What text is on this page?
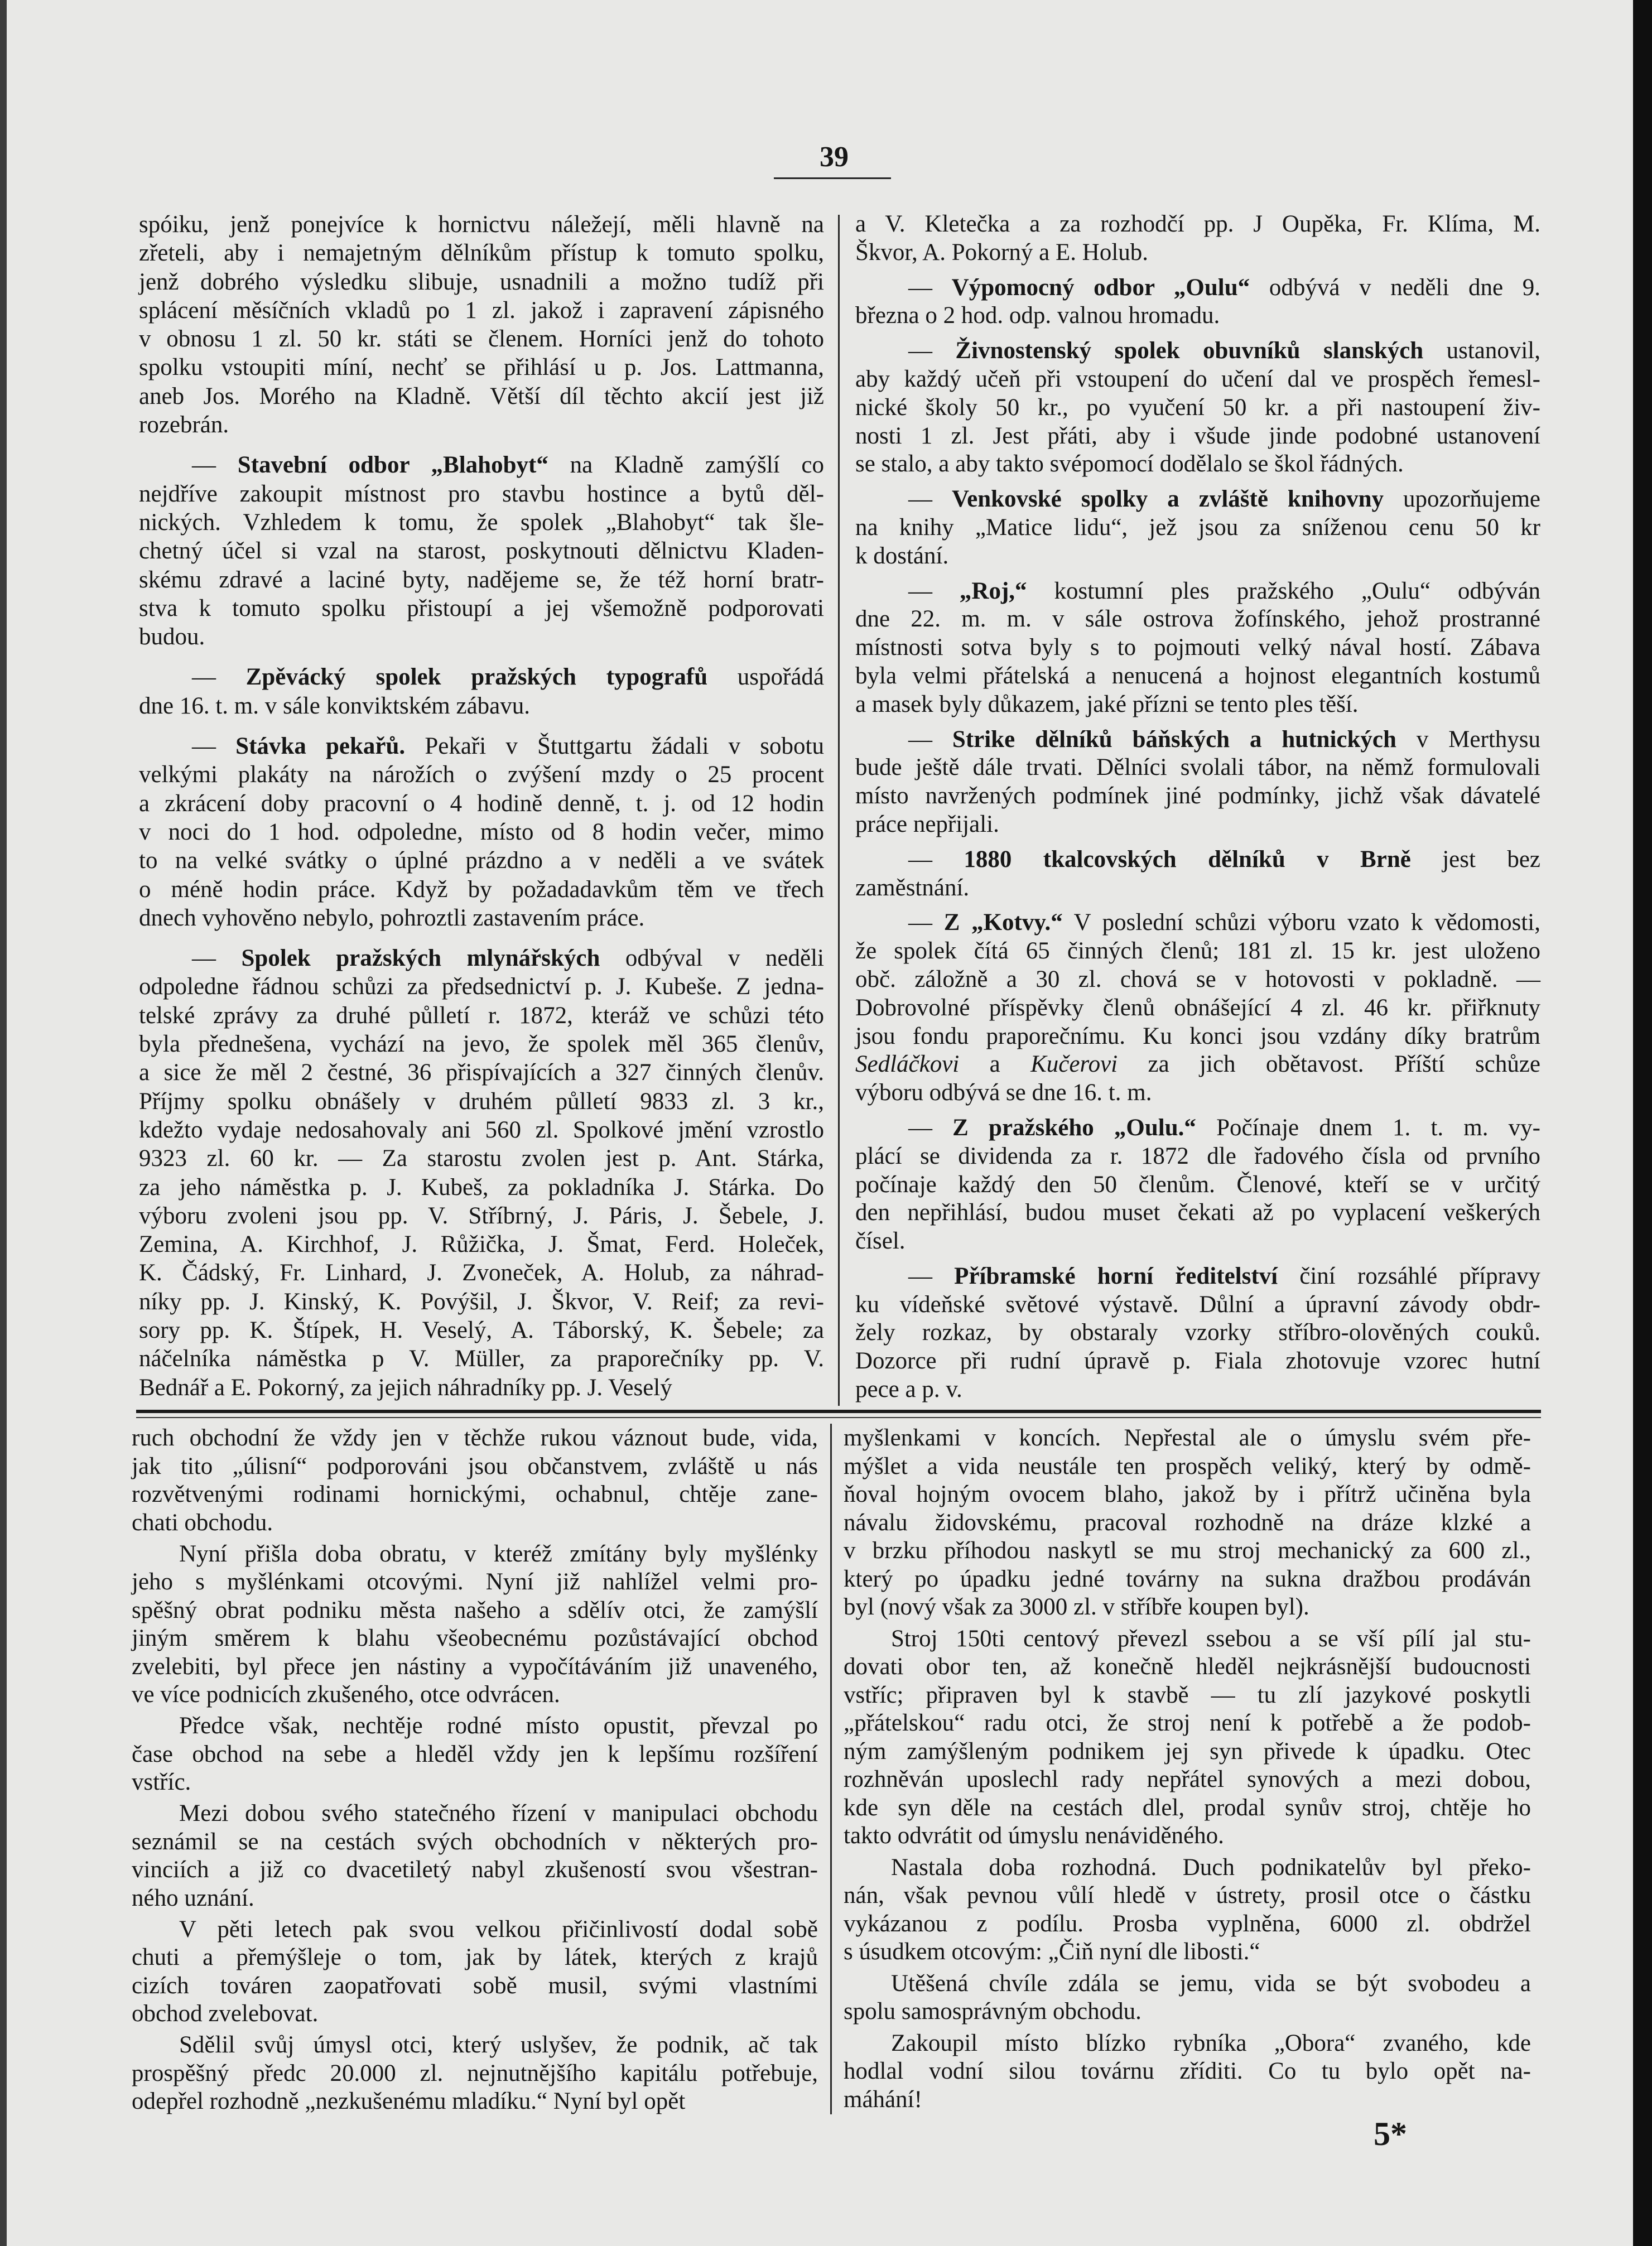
39
spóiku, jenž ponejvíce k hornictvu náležejí, měli hlavně na
zřeteli, aby i nemajetným dělníkům přístup k tomuto spolku,
jenž dobrého výsledku slibuje, usnadnili a možno tudíž při
splácení měsíčních vkladů po 1 zl. jakož i zapravení zápisného
v obnosu 1 zl. 50 kr. státi se členem. Horníci jenž do tohoto
spolku vstoupiti míní, nechť se přihlásí u p. Jos. Lattmanna,
aneb Jos. Morého na Kladně. Větší díl těchto akcií jest již
rozebrán.
— Stavební odbor „Blahobyt“ na Kladně zamýšlí co
nejdříve zakoupit místnost pro stavbu hostince a bytů děl-
nických. Vzhledem k tomu, že spolek „Blahobyt“ tak šle-
chetný účel si vzal na starost, poskytnouti dělnictvu Kladen-
skému zdravé a laciné byty, nadějeme se, že též horní bratr-
stva k tomuto spolku přistoupí a jej všemožně podporovati
budou.
— Zpěvácký spolek pražských typografů uspořádá
dne 16. t. m. v sále konviktském zábavu.
— Stávka pekařů. Pekaři v Štuttgartu žádali v sobotu
velkými plakáty na nárožích o zvýšení mzdy o 25 procent
a zkrácení doby pracovní o 4 hodině denně, t. j. od 12 hodin
v noci do 1 hod. odpoledne, místo od 8 hodin večer, mimo
to na velké svátky o úplné prázdno a v neděli a ve svátek
o méně hodin práce. Když by požadadavkům těm ve třech
dnech vyhověno nebylo, pohroztli zastavením práce.
— Spolek pražských mlynářských odbýval v neděli
odpoledne řádnou schůzi za předsednictví p. J. Kubeše. Z jedna-
telské zprávy za druhé půlletí r. 1872, kteráž ve schůzi této
byla přednešena, vychází na jevo, že spolek měl 365 členův,
a sice že měl 2 čestné, 36 přispívajících a 327 činných členův.
Příjmy spolku obnášely v druhém půlletí 9833 zl. 3 kr.,
kdežto vydaje nedosahovaly ani 560 zl. Spolkové jmění vzrostlo
9323 zl. 60 kr. — Za starostu zvolen jest p. Ant. Stárka,
za jeho náměstka p. J. Kubeš, za pokladníka J. Stárka. Do
výboru zvoleni jsou pp. V. Stříbrný, J. Páris, J. Šebele, J.
Zemina, A. Kirchhof, J. Růžička, J. Šmat, Ferd. Holeček,
K. Čádský, Fr. Linhard, J. Zvoneček, A. Holub, za náhrad-
níky pp. J. Kinský, K. Povýšil, J. Škvor, V. Reif; za revi-
sory pp. K. Štípek, H. Veselý, A. Táborský, K. Šebele; za
náčelníka náměstka p V. Müller, za praporečníky pp. V.
Bednář a E. Pokorný, za jejich náhradníky pp. J. Veselý
a V. Kletečka a za rozhodčí pp. J Oupěka, Fr. Klíma, M.
Škvor, A. Pokorný a E. Holub.
— Výpomocný odbor „Oulu“ odbývá v neděli dne 9.
března o 2 hod. odp. valnou hromadu.
— Živnostenský spolek obuvníků slanských ustanovil,
aby každý učeň při vstoupení do učení dal ve prospěch řemesl-
nické školy 50 kr., po vyučení 50 kr. a při nastoupení živ-
nosti 1 zl. Jest přáti, aby i všude jinde podobné ustanovení
se stalo, a aby takto svépomocí dodělalo se škol řádných.
— Venkovské spolky a zvláště knihovny upozorňujeme
na knihy „Matice lidu“, jež jsou za sníženou cenu 50 kr
k dostání.
— „Roj,“ kostumní ples pražského „Oulu“ odbýván
dne 22. m. m. v sále ostrova žofínského, jehož prostranné
místnosti sotva byly s to pojmouti velký nával hostí. Zábava
byla velmi přátelská a nenucená a hojnost elegantních kostumů
a masek byly důkazem, jaké přízni se tento ples těší.
— Strike dělníků báňských a hutnických v Merthysu
bude ještě dále trvati. Dělníci svolali tábor, na němž formulovali
místo navržených podmínek jiné podmínky, jichž však dávatelé
práce nepřijali.
— 1880 tkalcovských dělníků v Brně jest bez
zaměstnání.
— Z „Kotvy.“ V poslední schůzi výboru vzato k vědomosti,
že spolek čítá 65 činných členů; 181 zl. 15 kr. jest uloženo
obč. záložně a 30 zl. chová se v hotovosti v pokladně. —
Dobrovolné příspěvky členů obnášející 4 zl. 46 kr. přiřknuty
jsou fondu praporečnímu. Ku konci jsou vzdány díky bratrům
Sedláčkovi a Kučerovi za jich obětavost. Příští schůze
výboru odbývá se dne 16. t. m.
— Z pražského „Oulu.“ Počínaje dnem 1. t. m. vy-
plácí se dividenda za r. 1872 dle řadového čísla od prvního
počínaje každý den 50 členům. Členové, kteří se v určitý
den nepřihlásí, budou muset čekati až po vyplacení veškerých
čísel.
— Příbramské horní ředitelství činí rozsáhlé přípravy
ku vídeňské světové výstavě. Důlní a úpravní závody obdr-
žely rozkaz, by obstaraly vzorky stříbro-olověných couků.
Dozorce při rudní úpravě p. Fiala zhotovuje vzorec hutní
pece a p. v.
ruch obchodní že vždy jen v těchže rukou váznout bude, vida,
jak tito „úlisní“ podporováni jsou občanstvem, zvláště u nás
rozvětvenými rodinami hornickými, ochabnul, chtěje zane-
chati obchodu.
Nyní přišla doba obratu, v kteréž zmítány byly myšlénky
jeho s myšlénkami otcovými. Nyní již nahlížel velmi pro-
spěšný obrat podniku města našeho a sdělív otci, že zamýšlí
jiným směrem k blahu všeobecnému pozůstávající obchod
zvelebiti, byl přece jen nástiny a vypočítáváním již unaveného,
ve více podnicích zkušeného, otce odvrácen.
Předce však, nechtěje rodné místo opustit, převzal po
čase obchod na sebe a hleděl vždy jen k lepšímu rozšíření
vstříc.
Mezi dobou svého statečného řízení v manipulaci obchodu
seznámil se na cestách svých obchodních v některých pro-
vinciích a již co dvacetiletý nabyl zkušeností svou všestran-
ného uznání.
V pěti letech pak svou velkou přičinlivostí dodal sobě
chuti a přemýšleje o tom, jak by látek, kterých z krajů
cizích továren zaopatřovati sobě musil, svými vlastními
obchod zvelebovat.
Sdělil svůj úmysl otci, který uslyšev, že podnik, ač tak
prospěšný předc 20.000 zl. nejnutnějšího kapitálu potřebuje,
odepřel rozhodně „nezkušenému mladíku.“ Nyní byl opět
myšlenkami v koncích. Nepřestal ale o úmyslu svém pře-
mýšlet a vida neustále ten prospěch veliký, který by odmě-
ňoval hojným ovocem blaho, jakož by i přítrž učiněna byla
návalu židovskému, pracoval rozhodně na dráze klzké a
v brzku příhodou naskytl se mu stroj mechanický za 600 zl.,
který po úpadku jedné továrny na sukna dražbou prodáván
byl (nový však za 3000 zl. v stříbře koupen byl).
Stroj 150ti centový převezl ssebou a se vší pílí jal stu-
dovati obor ten, až konečně hleděl nejkrásnější budoucnosti
vstříc; připraven byl k stavbě — tu zlí jazykové poskytli
„přátelskou“ radu otci, že stroj není k potřebě a že podob-
ným zamýšleným podnikem jej syn přivede k úpadku. Otec
rozhněván uposlechl rady nepřátel synových a mezi dobou,
kde syn děle na cestách dlel, prodal synův stroj, chtěje ho
takto odvrátit od úmyslu nenáviděného.
Nastala doba rozhodná. Duch podnikatelův byl překo-
nán, však pevnou vůlí hledě v ústrety, prosil otce o částku
vykázanou z podílu. Prosba vyplněna, 6000 zl. obdržel
s úsudkem otcovým: „Čiň nyní dle libosti.“
Utěšená chvíle zdála se jemu, vida se být svobodeu a
spolu samosprávným obchodu.
Zakoupil místo blízko rybníka „Obora“ zvaného, kde
hodlal vodní silou továrnu zříditi. Co tu bylo opět na-
máhání!
5*
